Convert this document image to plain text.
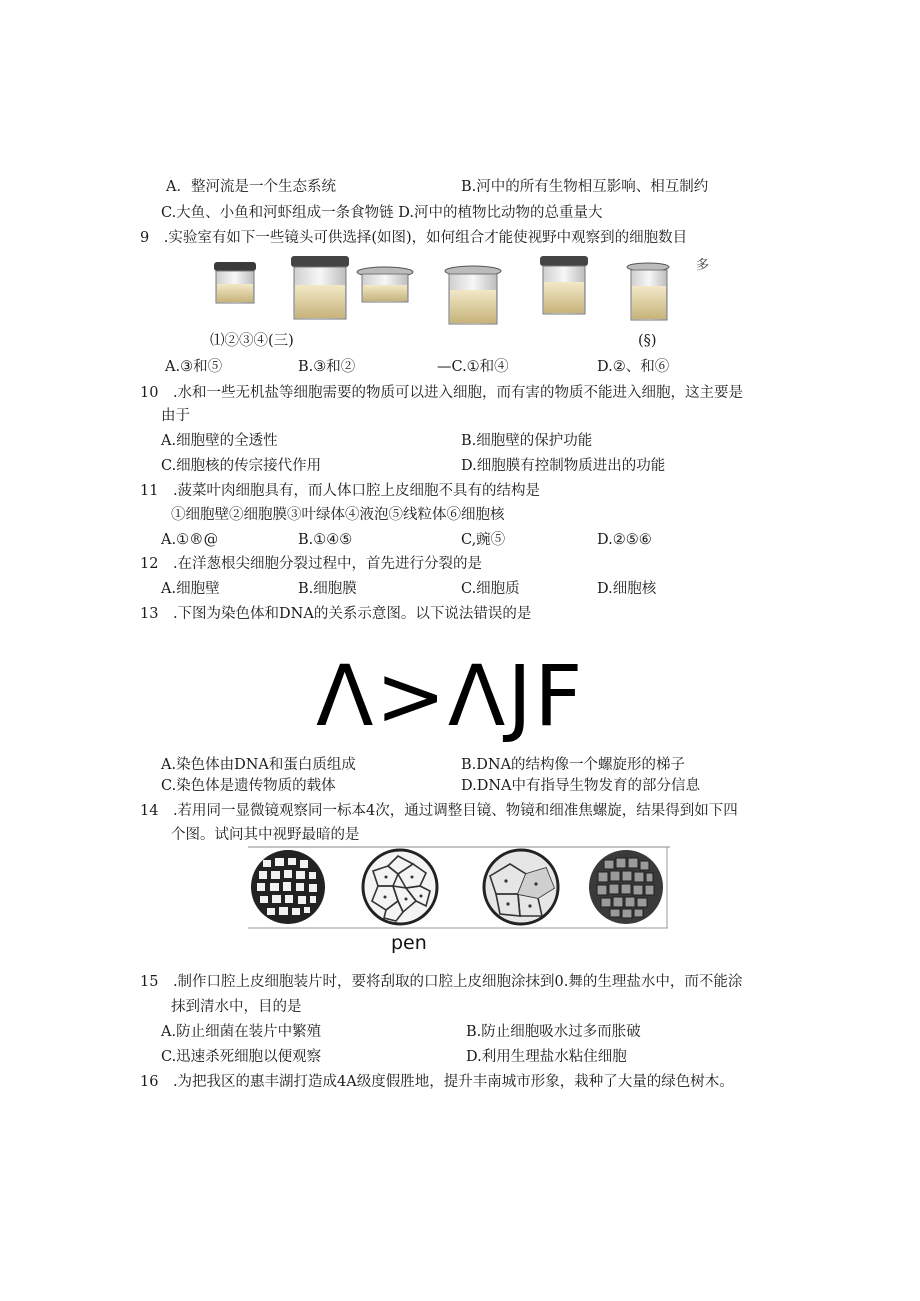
A．整河流是一个生态系统	B.河中的所有生物相互影响、相互制约
C.大鱼、小鱼和河虾组成一条食物链 D.河中的植物比动物的总重量大
9　.实验室有如下一些镜头可供选择(如图)，如何组合才能使视野中观察到的细胞数目
多
⑴②③④(三)	(§)
A.③和⑤	B.③和②	—C.①和④	D.②、和⑥
10　.水和一些无机盐等细胞需要的物质可以进入细胞，而有害的物质不能进入细胞，这主要是
由于
A.细胞壁的全透性	B.细胞壁的保护功能
C.细胞核的传宗接代作用	D.细胞膜有控制物质进出的功能
11　.菠菜叶肉细胞具有，而人体口腔上皮细胞不具有的结构是
①细胞壁②细胞膜③叶绿体④液泡⑤线粒体⑥细胞核
A.①®@	B.①④⑤	C,豌⑤	D.②⑤⑥
12　.在洋葱根尖细胞分裂过程中，首先进行分裂的是
A.细胞壁	B.细胞膜	C.细胞质	D.细胞核
13　.下图为染色体和DNA的关系示意图。以下说法错误的是
Λ>ΛJF
A.染色体由DNA和蛋白质组成	B.DNA的结构像一个螺旋形的梯子
C.染色体是遗传物质的载体	D.DNA中有指导生物发育的部分信息
14　.若用同一显微镜观察同一标本4次，通过调整目镜、物镜和细准焦螺旋，结果得到如下四
个图。试问其中视野最暗的是
pen
15　.制作口腔上皮细胞装片时，要将刮取的口腔上皮细胞涂抹到0.舞的生理盐水中，而不能涂
抹到清水中，目的是
A.防止细菌在装片中繁殖	B.防止细胞吸水过多而胀破
C.迅速杀死细胞以便观察	D.利用生理盐水粘住细胞
16　.为把我区的惠丰湖打造成4A级度假胜地，提升丰南城市形象，栽种了大量的绿色树木。
